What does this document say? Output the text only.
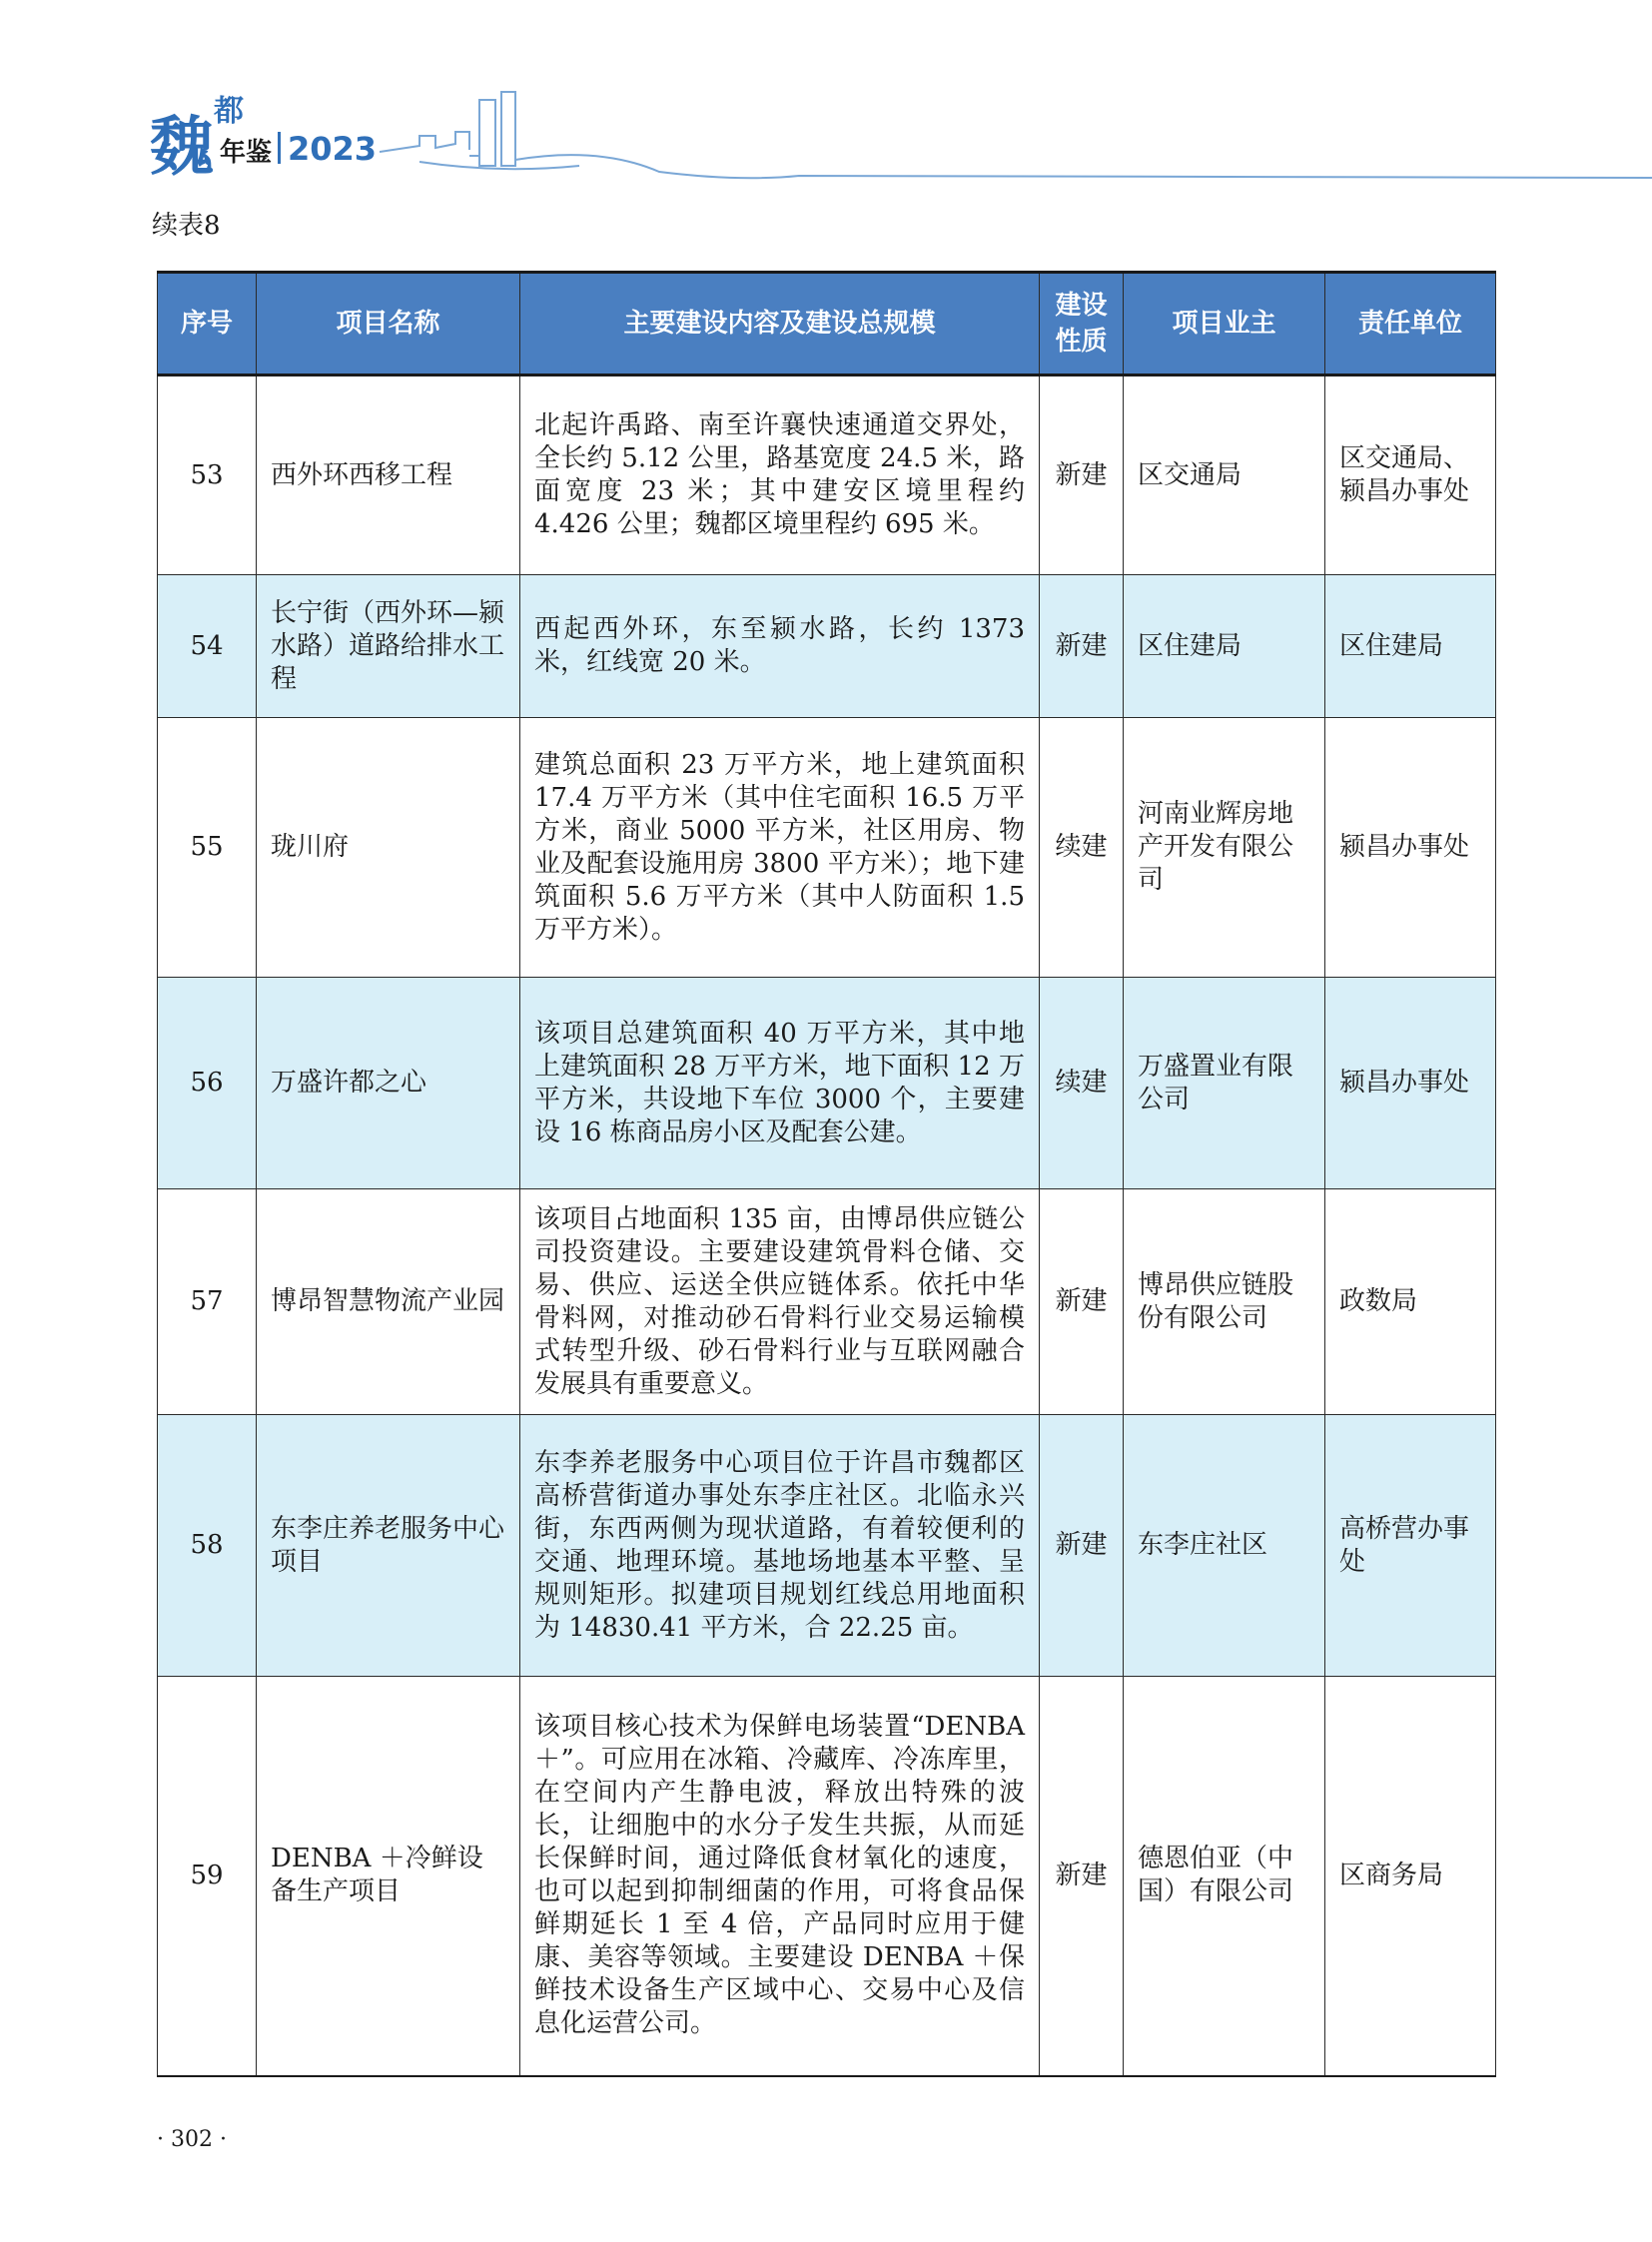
魏 都
年鉴 2023
续表8
序号	项目名称	主要建设内容及建设总规模	建设性质	项目业主	责任单位
53	西外环西移工程	北起许禹路、南至许襄快速通道交界处，全长约 5.12 公里，路基宽度 24.5 米，路面宽度 23 米；其中建安区境里程约 4.426 公里；魏都区境里程约 695 米。	新建	区交通局	区交通局、颍昌办事处
54	长宁街（西外环—颍水路）道路给排水工程	西起西外环，东至颍水路，长约 1373 米，红线宽 20 米。	新建	区住建局	区住建局
55	珑川府	建筑总面积 23 万平方米，地上建筑面积 17.4 万平方米（其中住宅面积 16.5 万平方米，商业 5000 平方米，社区用房、物业及配套设施用房 3800 平方米）；地下建筑面积 5.6 万平方米（其中人防面积 1.5 万平方米）。	续建	河南业辉房地产开发有限公司	颍昌办事处
56	万盛许都之心	该项目总建筑面积 40 万平方米，其中地上建筑面积 28 万平方米，地下面积 12 万平方米，共设地下车位 3000 个，主要建设 16 栋商品房小区及配套公建。	续建	万盛置业有限公司	颍昌办事处
57	博昂智慧物流产业园	该项目占地面积 135 亩，由博昂供应链公司投资建设。主要建设建筑骨料仓储、交易、供应、运送全供应链体系。依托中华骨料网，对推动砂石骨料行业交易运输模式转型升级、砂石骨料行业与互联网融合发展具有重要意义。	新建	博昂供应链股份有限公司	政数局
58	东李庄养老服务中心项目	东李养老服务中心项目位于许昌市魏都区高桥营街道办事处东李庄社区。北临永兴街，东西两侧为现状道路，有着较便利的交通、地理环境。基地场地基本平整、呈规则矩形。拟建项目规划红线总用地面积为 14830.41 平方米，合 22.25 亩。	新建	东李庄社区	高桥营办事处
59	DENBA ＋冷鲜设备生产项目	该项目核心技术为保鲜电场装置“DENBA ＋”。可应用在冰箱、冷藏库、冷冻库里，在空间内产生静电波，释放出特殊的波长，让细胞中的水分子发生共振，从而延长保鲜时间，通过降低食材氧化的速度，也可以起到抑制细菌的作用，可将食品保鲜期延长 1 至 4 倍，产品同时应用于健康、美容等领域。主要建设 DENBA ＋保鲜技术设备生产区域中心、交易中心及信息化运营公司。	新建	德恩伯亚（中国）有限公司	区商务局
· 302 ·
